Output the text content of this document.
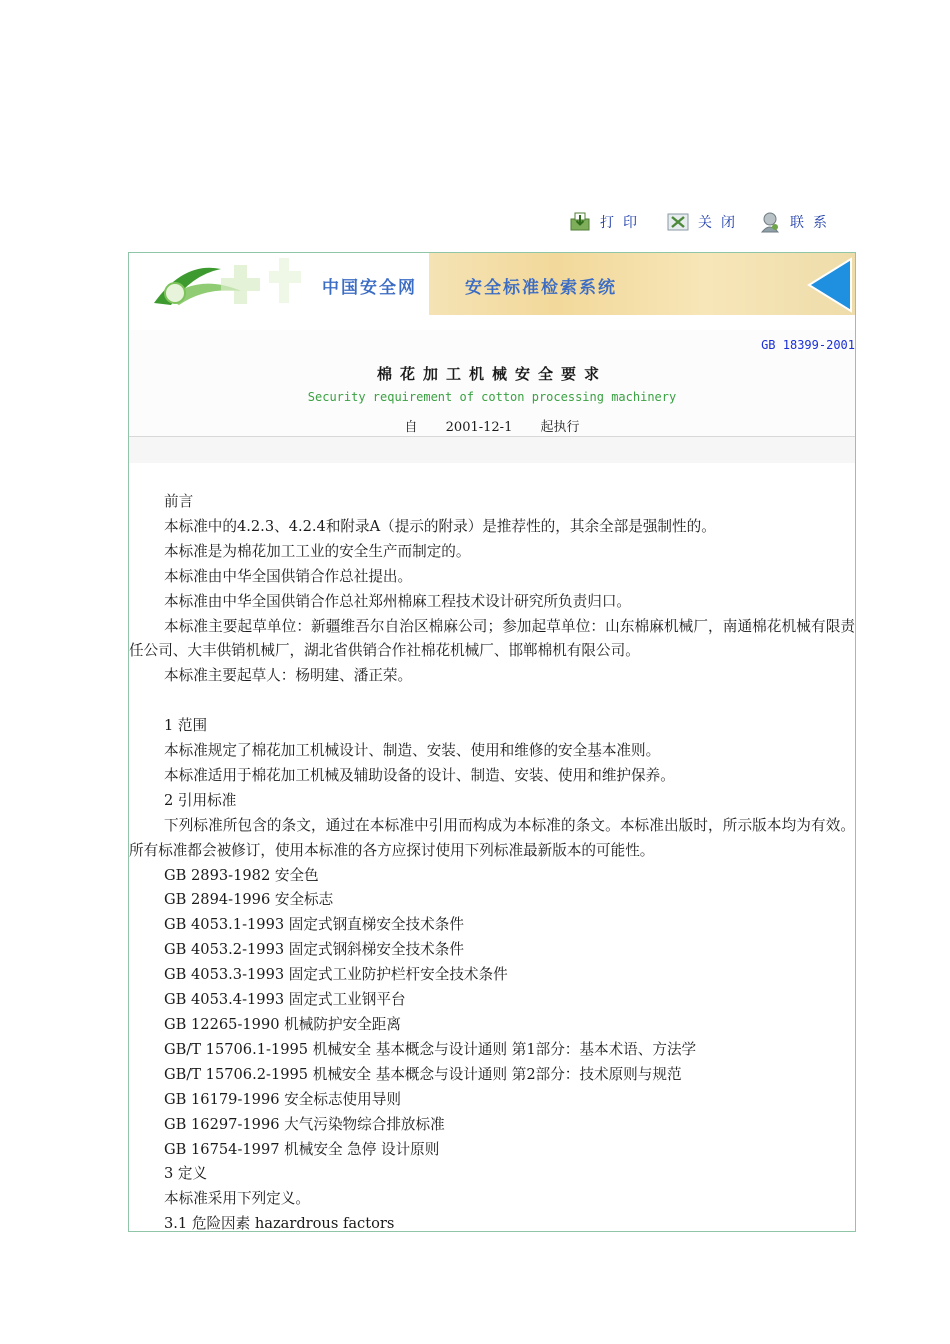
打印	关闭	联系
中国安全网	安全标准检索系统
GB 18399-2001
棉花加工机械安全要求
Security requirement of cotton processing machinery
自 2001-12-1 起执行

前言

本标准中的4.2.3、4.2.4和附录A（提示的附录）是推荐性的，其余全部是强制性的。

本标准是为棉花加工工业的安全生产而制定的。

本标准由中华全国供销合作总社提出。

本标准由中华全国供销合作总社郑州棉麻工程技术设计研究所负责归口。

本标准主要起草单位：新疆维吾尔自治区棉麻公司；参加起草单位：山东棉麻机械厂，南通棉花机械有限责任公司、大丰供销机械厂，湖北省供销合作社棉花机械厂、邯郸棉机有限公司。

本标准主要起草人：杨明建、潘正荣。

1 范围

本标准规定了棉花加工机械设计、制造、安装、使用和维修的安全基本准则。

本标准适用于棉花加工机械及辅助设备的设计、制造、安装、使用和维护保养。

2 引用标准

下列标准所包含的条文，通过在本标准中引用而构成为本标准的条文。本标准出版时，所示版本均为有效。所有标准都会被修订，使用本标准的各方应探讨使用下列标准最新版本的可能性。

GB 2893-1982 安全色

GB 2894-1996 安全标志

GB 4053.1-1993 固定式钢直梯安全技术条件

GB 4053.2-1993 固定式钢斜梯安全技术条件

GB 4053.3-1993 固定式工业防护栏杆安全技术条件

GB 4053.4-1993 固定式工业钢平台

GB 12265-1990 机械防护安全距离

GB/T 15706.1-1995 机械安全 基本概念与设计通则 第1部分：基本术语、方法学

GB/T 15706.2-1995 机械安全 基本概念与设计通则 第2部分：技术原则与规范

GB 16179-1996 安全标志使用导则

GB 16297-1996 大气污染物综合排放标准

GB 16754-1997 机械安全 急停 设计原则

3 定义

本标准采用下列定义。

3.1 危险因素 hazardrous factors
